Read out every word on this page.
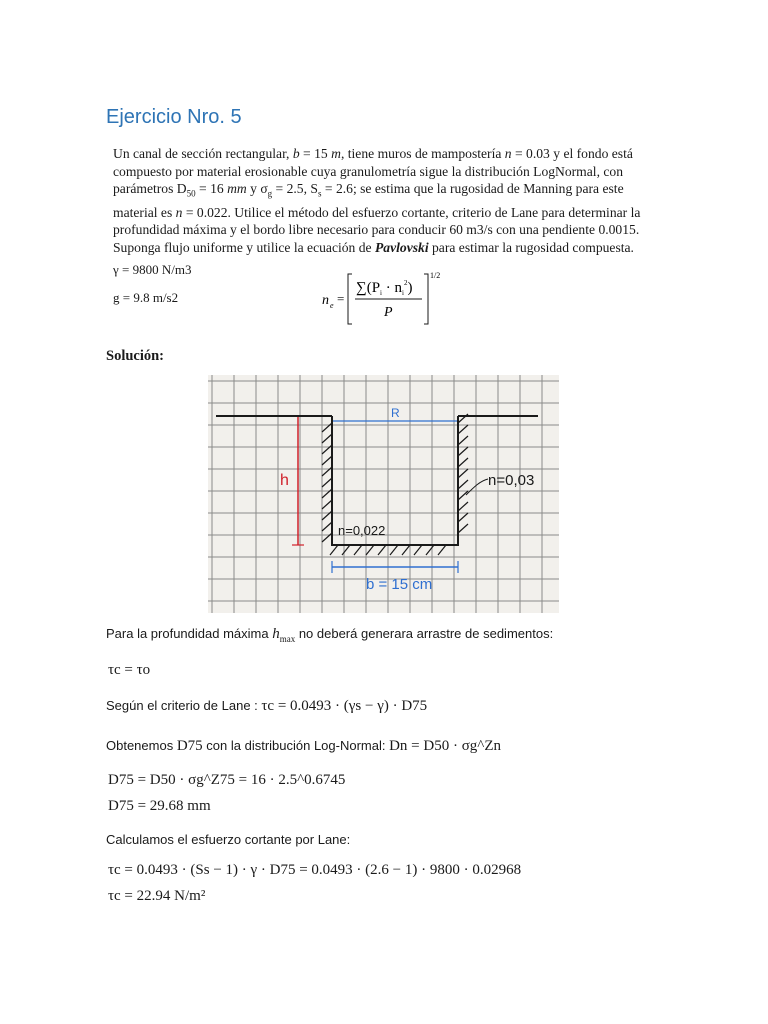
Ejercicio Nro. 5
Un canal de sección rectangular, b = 15 m, tiene muros de mampostería n = 0.03 y el fondo está
compuesto por material erosionable cuya granulometría sigue la distribución LogNormal, con
parámetros $D_{50} = 16$ mm y $\sigma_g = 2.5$, $S_s = 2.6$; se estima que la rugosidad de Manning para este
material es n = 0.022. Utilice el método del esfuerzo cortante, criterio de Lane para determinar la
profundidad máxima y el bordo libre necesario para conducir 60 m3/s con una pendiente 0.0015.
Suponga flujo uniforme y utilice la ecuación de Pavlovski para estimar la rugosidad compuesta.
γ = 9800 N/m3
g = 9.8 m/s2	n e =
$\sum(P_i \cdot n_i^2)$
P
1/2
Solución:
R
h	n=0,03
n=0,022
b = 15 cm
Para la profundidad máxima $h_{max}$ no deberá generara arrastre de sedimentos:
τc = τo
Según el criterio de Lane : τc = 0.0493 · (γs − γ) · D75
Obtenemos D75 con la distribución Log-Normal: Dn = D50 · σg^Zn
D75 = D50 · σg^Z75 = 16 · 2.5^0.6745
D75 = 29.68 mm
Calculamos el esfuerzo cortante por Lane:
τc = 0.0493 · (Ss − 1) · γ · D75 = 0.0493 · (2.6 − 1) · 9800 · 0.02968
τc = 22.94 N/m²
